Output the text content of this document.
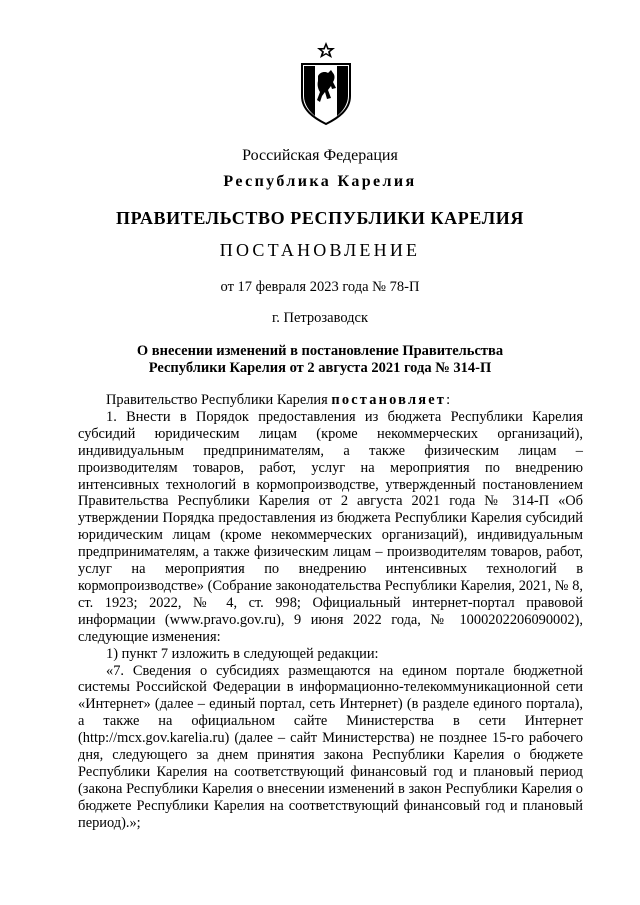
Российская Федерация
Республика Карелия
ПРАВИТЕЛЬСТВО РЕСПУБЛИКИ КАРЕЛИЯ
ПОСТАНОВЛЕНИЕ
от 17 февраля 2023 года № 78-П
г. Петрозаводск
О внесении изменений в постановление Правительства
Республики Карелия от 2 августа 2021 года № 314-П

Правительство Республики Карелия постановляет:

1. Внести в Порядок предоставления из бюджета Республики Карелия субсидий юридическим лицам (кроме некоммерческих организаций), индивидуальным предпринимателям, а также физическим лицам – производителям товаров, работ, услуг на мероприятия по внедрению интенсивных технологий в кормопроизводстве, утвержденный постановлением Правительства Республики Карелия от 2 августа 2021 года № 314-П «Об утверждении Порядка предоставления из бюджета Республики Карелия субсидий юридическим лицам (кроме некоммерческих организаций), индивидуальным предпринимателям, а также физическим лицам – производителям товаров, работ, услуг на мероприятия по внедрению интенсивных технологий в кормопроизводстве» (Собрание законодательства Республики Карелия, 2021, № 8, ст. 1923; 2022, № 4, ст. 998; Официальный интернет-портал правовой информации (www.pravo.gov.ru), 9 июня 2022 года, № 1000202206090002), следующие изменения:

1) пункт 7 изложить в следующей редакции:

«7. Сведения о субсидиях размещаются на едином портале бюджетной системы Российской Федерации в информационно-телекоммуникационной сети «Интернет» (далее – единый портал, сеть Интернет) (в разделе единого портала), а также на официальном сайте Министерства в сети Интернет (http://mcx.gov.karelia.ru) (далее – сайт Министерства) не позднее 15-го рабочего дня, следующего за днем принятия закона Республики Карелия о бюджете Республики Карелия на соответствующий финансовый год и плановый период (закона Республики Карелия о внесении изменений в закон Республики Карелия о бюджете Республики Карелия на соответствующий финансовый год и плановый период).»;
